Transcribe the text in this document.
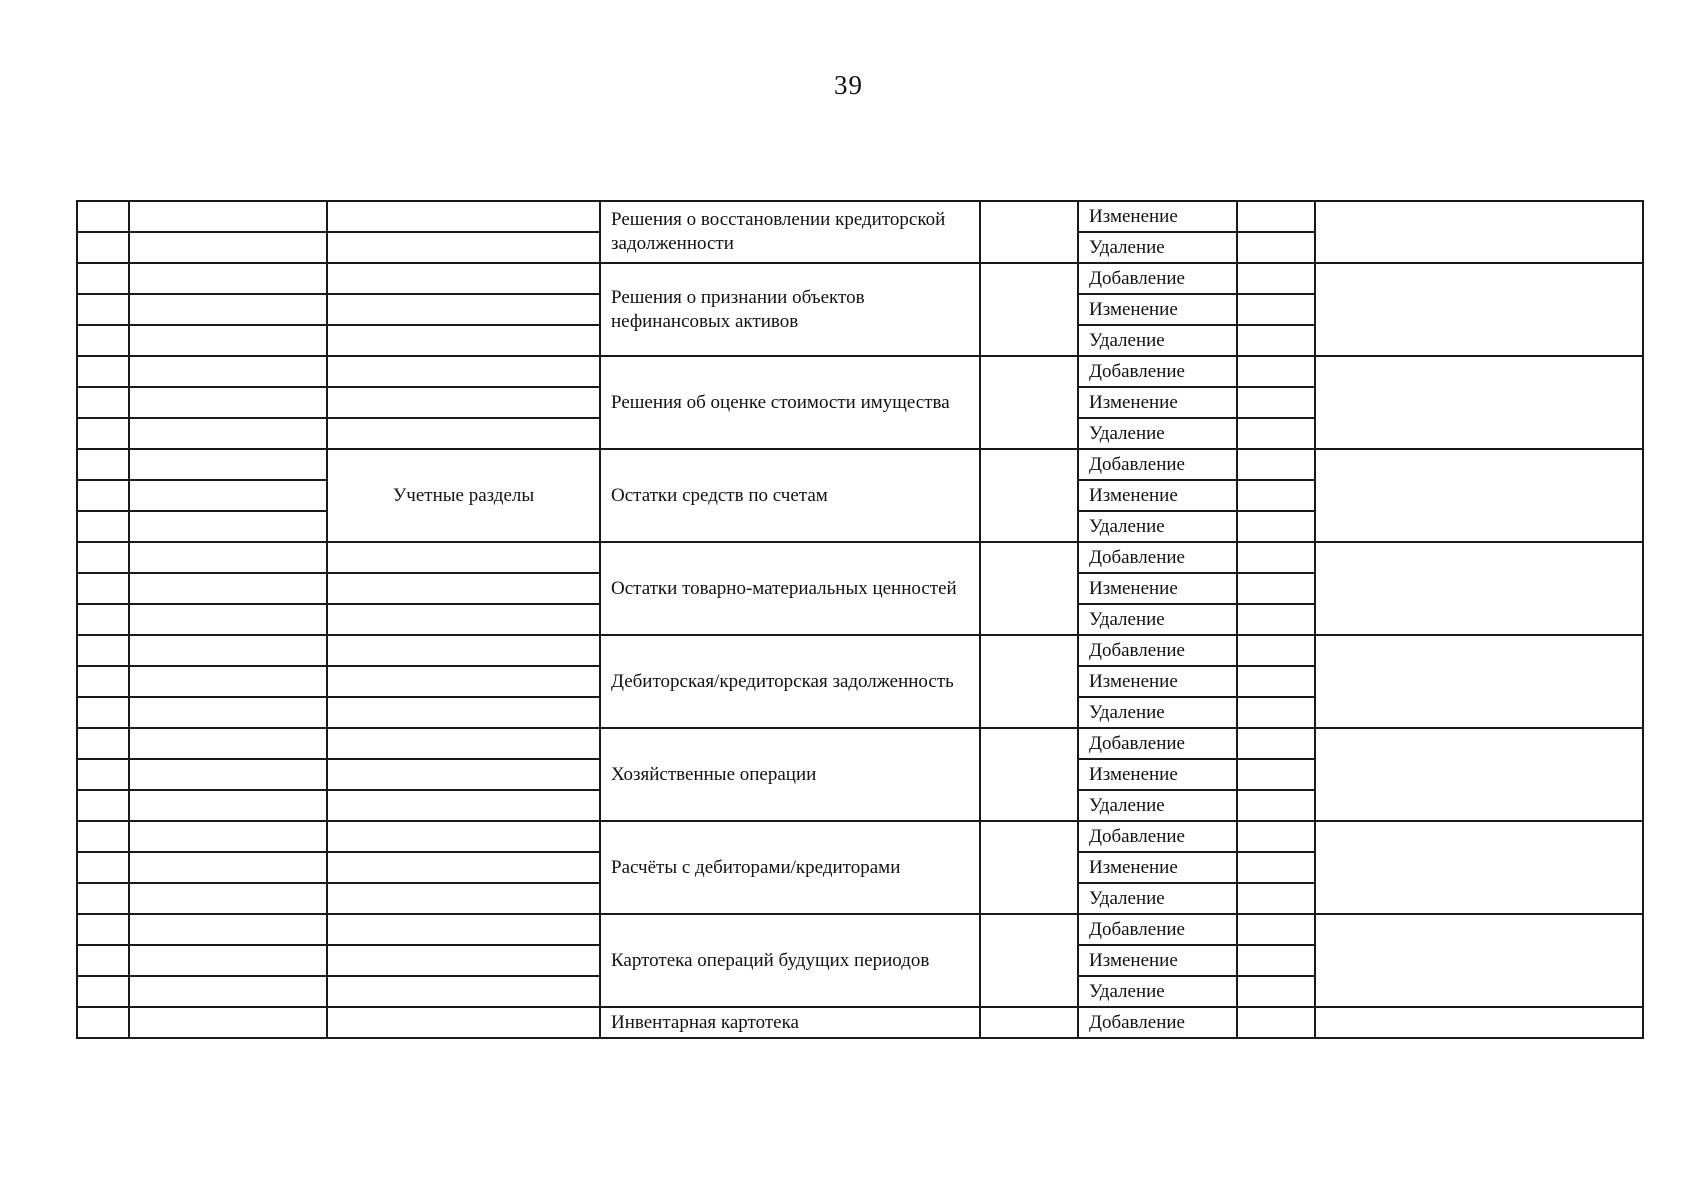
39

			Решения о восстановлении кредиторской задолженности		Изменение		
					Удаление		

			Решения о признании объектов нефинансовых активов		Добавление		
					Изменение		
					Удаление		

			Решения об оценке стоимости имущества		Добавление		
					Изменение		
					Удаление		

		Учетные разделы	Остатки средств по счетам		Добавление		
					Изменение		
					Удаление		

			Остатки товарно-материальных ценностей		Добавление		
					Изменение		
					Удаление		

			Дебиторская/кредиторская задолженность		Добавление		
					Изменение		
					Удаление		

			Хозяйственные операции		Добавление		
					Изменение		
					Удаление		

			Расчёты с дебиторами/кредиторами		Добавление		
					Изменение		
					Удаление		

			Картотека операций будущих периодов		Добавление		
					Изменение		
					Удаление		

			Инвентарная картотека		Добавление		
